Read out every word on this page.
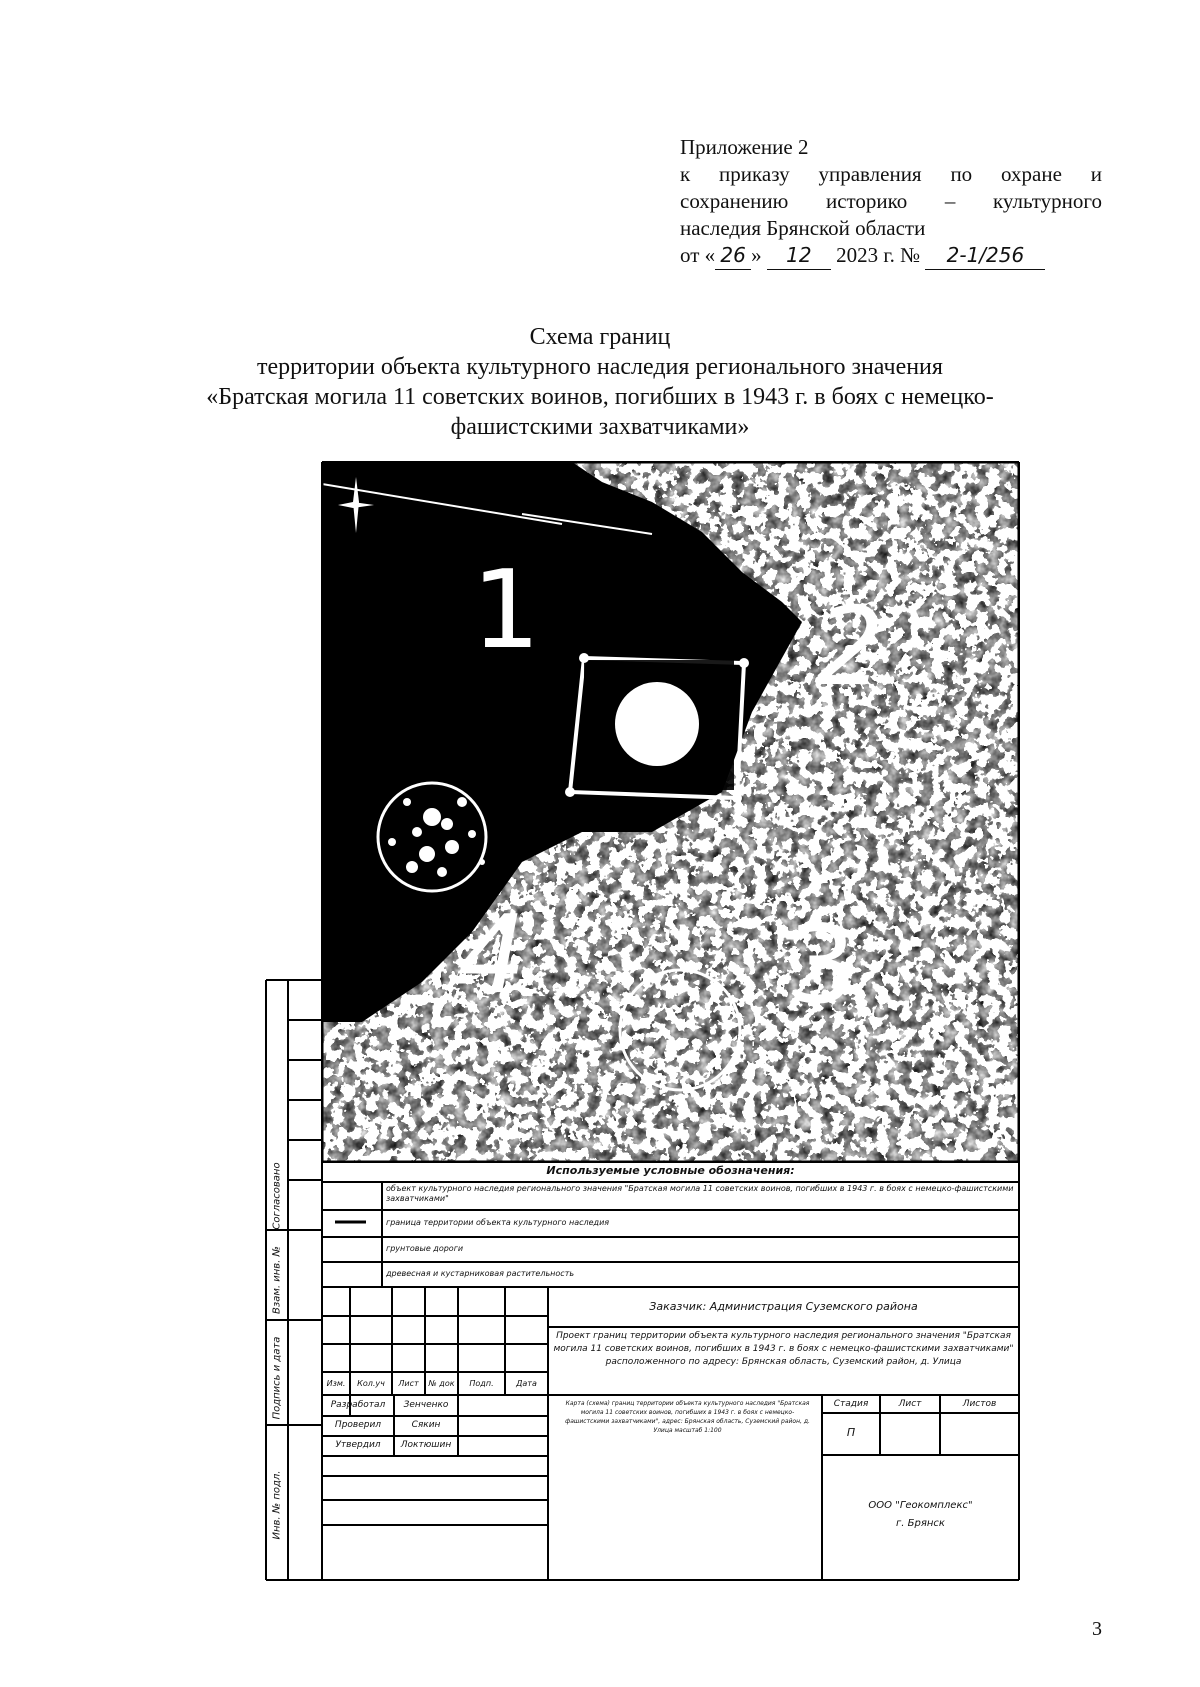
Приложение 2
к приказу управления по охране и
сохранению историко – культурного
наследия Брянской области
от « 26 » 12 2023 г. № 2-1/256
Схема границ
территории объекта культурного наследия регионального значения
«Братская могила 11 советских воинов, погибших в 1943 г. в боях с немецко-
фашистскими захватчиками»
1	2
3
4
Согласовано
Взам. инв. №
Подпись и дата
Инв. № подл.
Используемые условные обозначения:
объект культурного наследия регионального значения "Братская могила 11 советских воинов, погибших в 1943 г. в боях с немецко-фашистскими захватчиками"
граница территории объекта культурного наследия
грунтовые дороги
древесная и кустарниковая растительность
Заказчик: Администрация Суземского района
Проект границ территории объекта культурного наследия регионального значения "Братская могила 11 советских воинов, погибших в 1943 г. в боях с немецко-фашистскими захватчиками" расположенного по адресу: Брянская область, Суземский район, д. Улица
Изм.	Кол.уч	Лист	№ док	Подп.	Дата
Разработал	Зенченко
Проверил	Сякин
Утвердил	Локтюшин
Карта (схема) границ территории объекта культурного наследия "Братская могила 11 советских воинов, погибших в 1943 г. в боях с немецко-фашистскими захватчиками", адрес: Брянская область, Суземский район, д. Улица масштаб 1:100
Стадия	Лист	Листов
П
ООО "Геокомплекс"
г. Брянск
3
